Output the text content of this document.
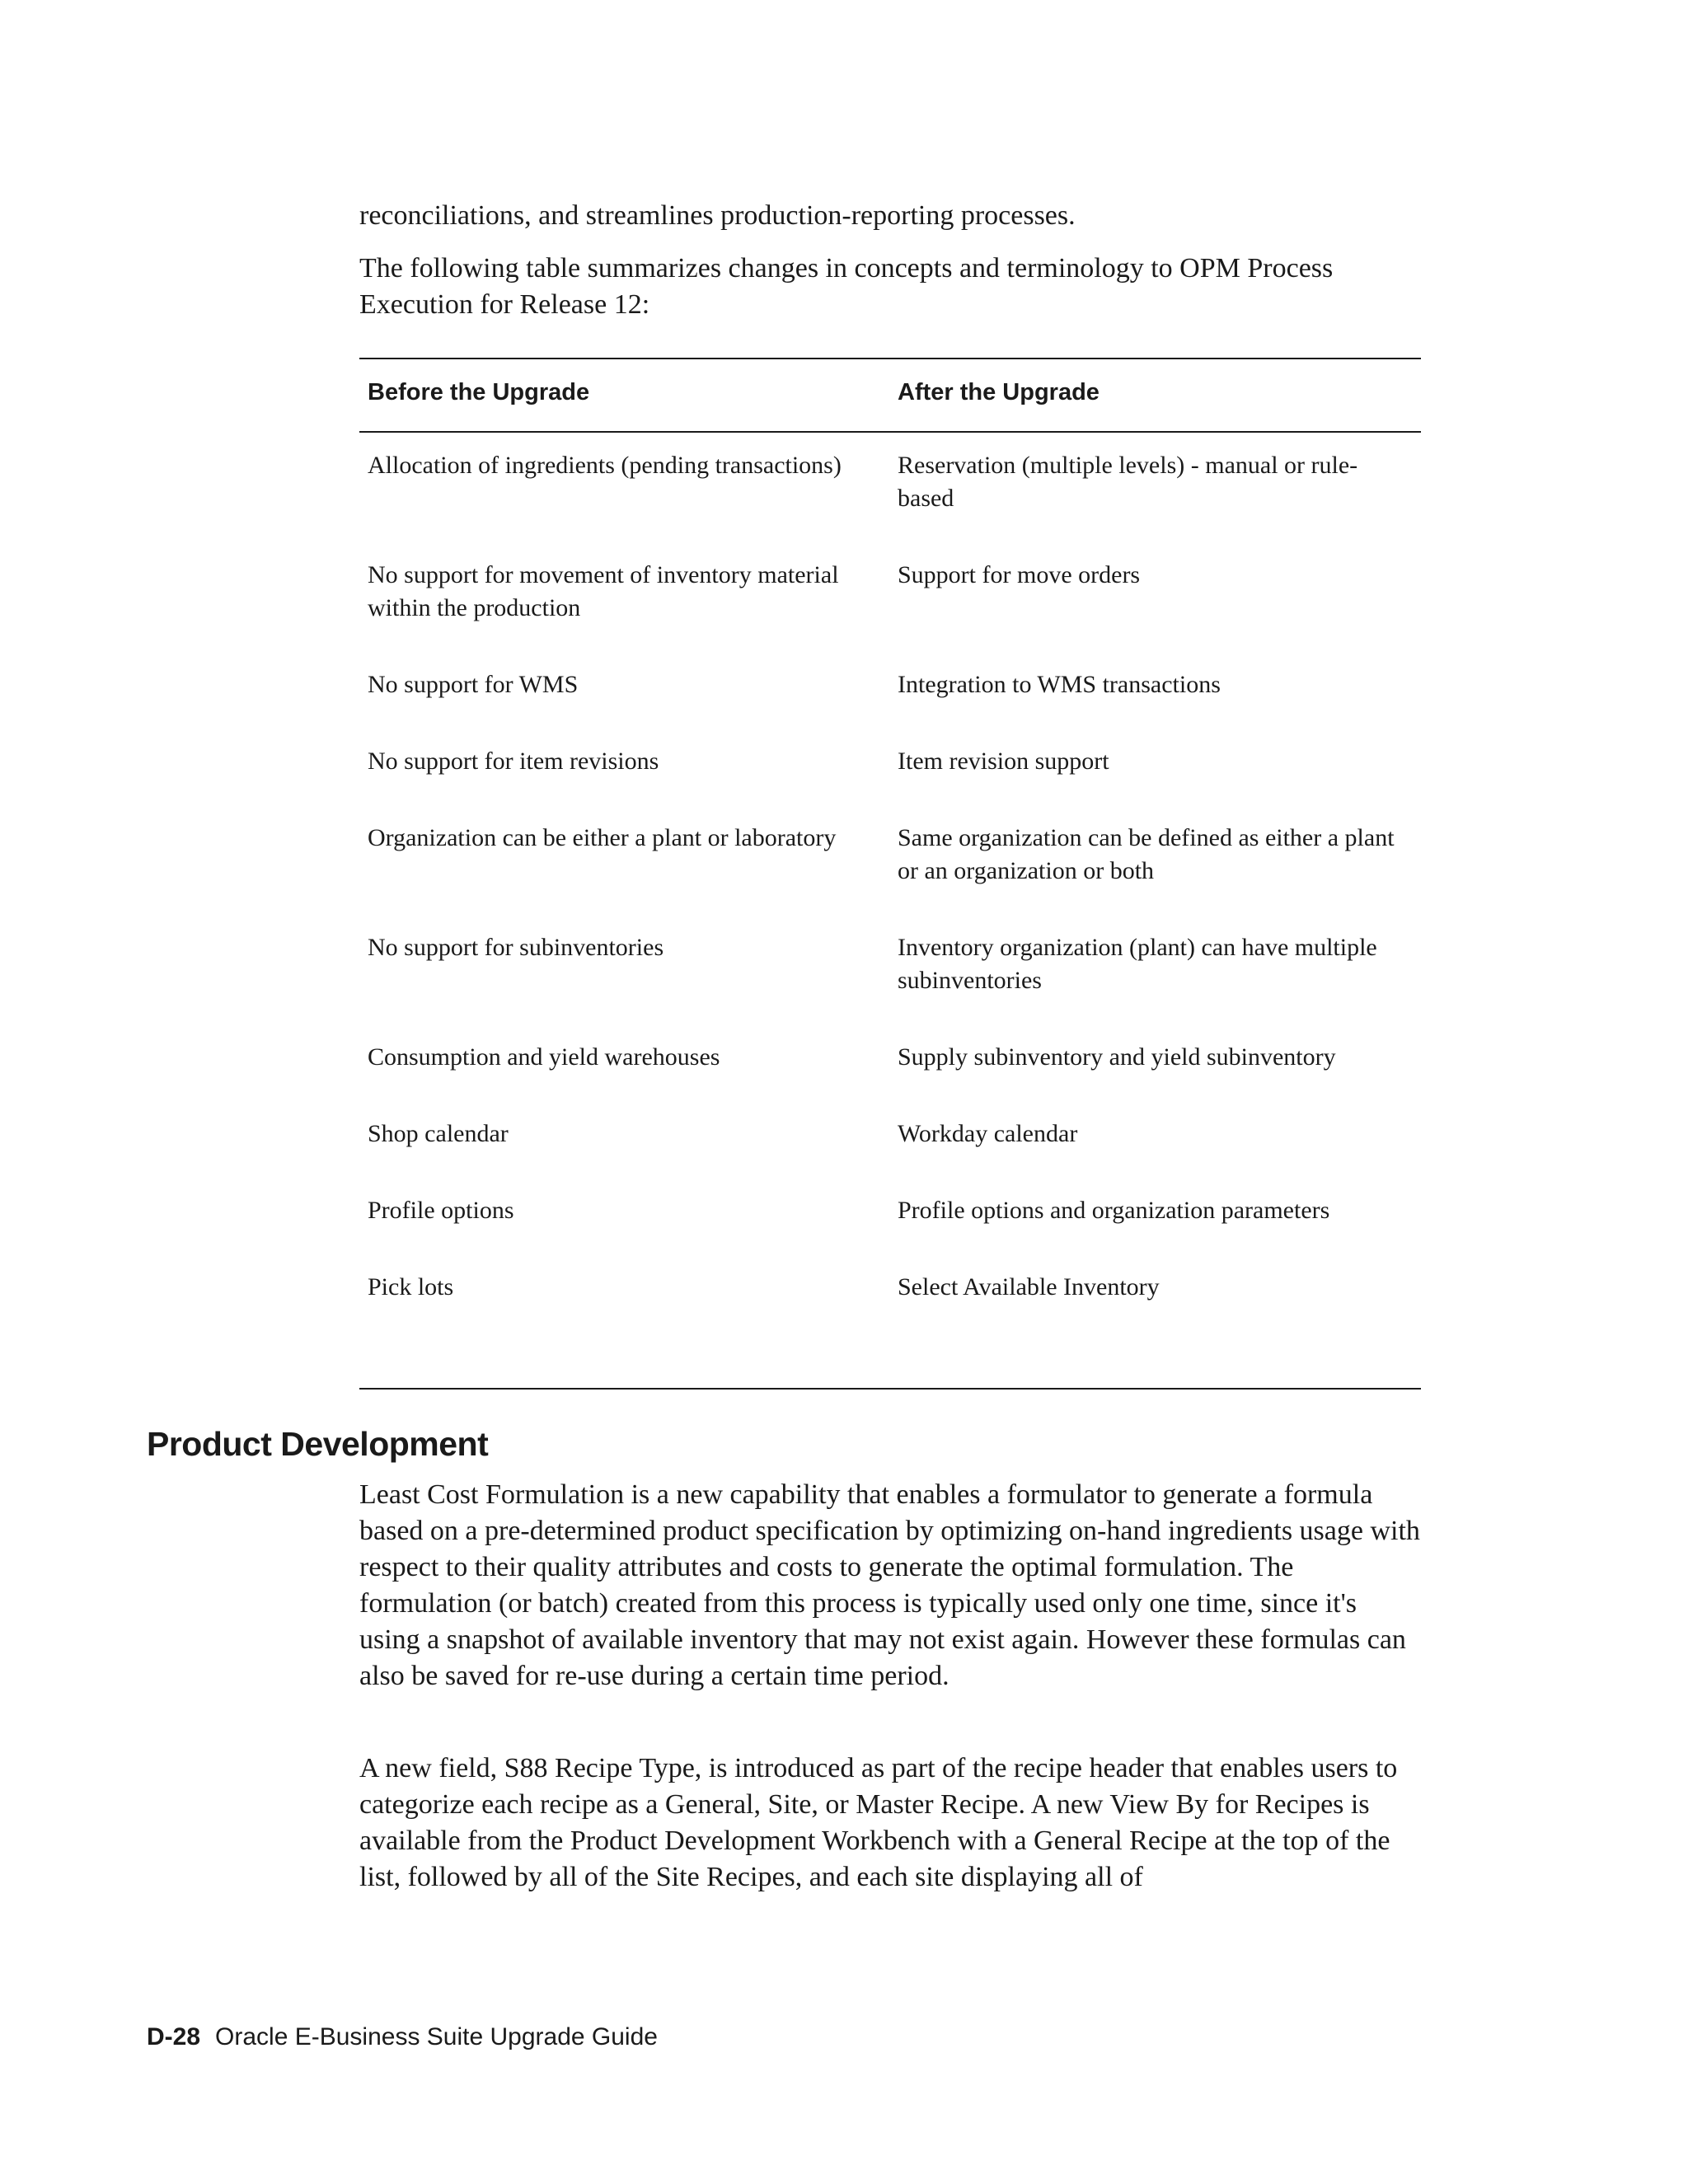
reconciliations, and streamlines production-reporting processes.

The following table summarizes changes in concepts and terminology to OPM Process Execution for Release 12:

Before the Upgrade	After the Upgrade
Allocation of ingredients (pending transactions)	Reservation (multiple levels) - manual or rule-based
No support for movement of inventory material within the production	Support for move orders
No support for WMS	Integration to WMS transactions
No support for item revisions	Item revision support
Organization can be either a plant or laboratory	Same organization can be defined as either a plant or an organization or both
No support for subinventories	Inventory organization (plant) can have multiple subinventories
Consumption and yield warehouses	Supply subinventory and yield subinventory
Shop calendar	Workday calendar
Profile options	Profile options and organization parameters
Pick lots	Select Available Inventory
Product Development

Least Cost Formulation is a new capability that enables a formulator to generate a formula based on a pre-determined product specification by optimizing on-hand ingredients usage with respect to their quality attributes and costs to generate the optimal formulation. The formulation (or batch) created from this process is typically used only one time, since it's using a snapshot of available inventory that may not exist again. However these formulas can also be saved for re-use during a certain time period.

A new field, S88 Recipe Type, is introduced as part of the recipe header that enables users to categorize each recipe as a General, Site, or Master Recipe. A new View By for Recipes is available from the Product Development Workbench with a General Recipe at the top of the list, followed by all of the Site Recipes, and each site displaying all of

D-28 Oracle E-Business Suite Upgrade Guide
